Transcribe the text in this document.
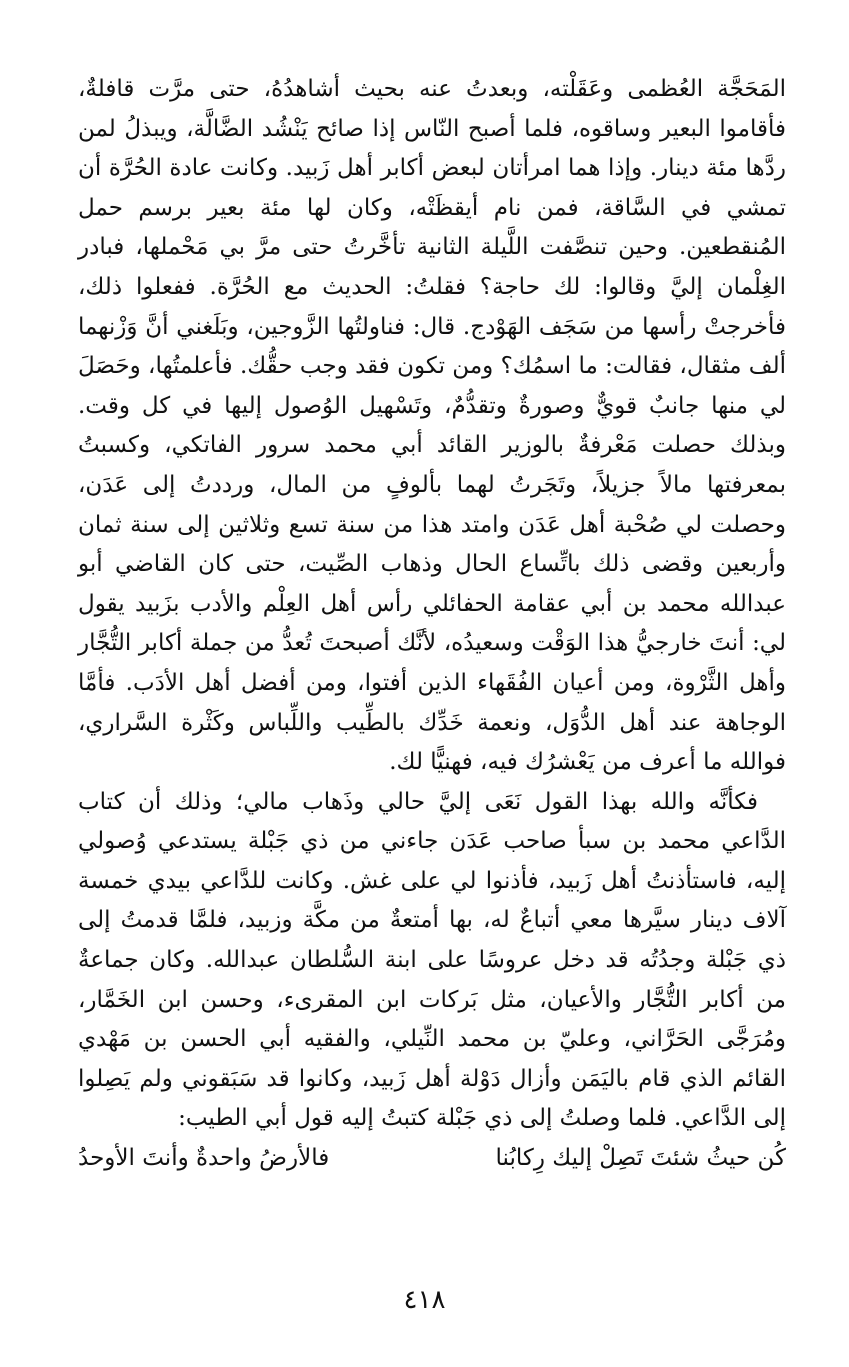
المَحَجَّة العُظمى وعَقَلْته، وبعدتُ عنه بحيث أشاهدُهُ، حتى مرَّت قافلةٌ، فأقاموا البعير وساقوه، فلما أصبح النّاس إذا صائح يَنْشُد الضَّالَّة، ويبذلُ لمن ردَّها مئة دينار. وإذا هما امرأتان لبعض أكابر أهل زَبيد. وكانت عادة الحُرَّة أن تمشي في السَّاقة، فمن نام أيقظَتْه، وكان لها مئة بعير برسم حمل المُنقطعين. وحين تنصَّفت اللَّيلة الثانية تأخَّرتُ حتى مرَّ بي مَحْملها، فبادر الغِلْمان إليَّ وقالوا: لك حاجة؟ فقلتُ: الحديث مع الحُرَّة. ففعلوا ذلك، فأخرجتْ رأسها من سَجَف الهَوْدج. قال: فناولتُها الزَّوجين، وبَلَغني أنَّ وَزْنهما ألف مثقال، فقالت: ما اسمُك؟ ومن تكون فقد وجب حقُّك. فأعلمتُها، وحَصَلَ لي منها جانبٌ قويٌّ وصورةٌ وتقدُّمٌ، وتَسْهيل الوُصول إليها في كل وقت. وبذلك حصلت مَعْرفةٌ بالوزير القائد أبي محمد سرور الفاتكي، وكسبتُ بمعرفتها مالاً جزيلاً، وتَجَرتُ لهما بألوفٍ من المال، ورددتُ إلى عَدَن، وحصلت لي صُحْبة أهل عَدَن وامتد هذا من سنة تسع وثلاثين إلى سنة ثمان وأربعين وقضى ذلك باتِّساع الحال وذهاب الصِّيت، حتى كان القاضي أبو عبدالله محمد بن أبي عقامة الحفائلي رأس أهل العِلْم والأدب بزَبيد يقول لي: أنتَ خارجيُّ هذا الوَقْت وسعيدُه، لأنَّك أصبحتَ تُعدُّ من جملة أكابر التُّجَّار وأهل الثَّرْوة، ومن أعيان الفُقَهاء الذين أفتوا، ومن أفضل أهل الأدَب. فأمَّا الوجاهة عند أهل الدُّوَل، ونعمة خَدِّك بالطِّيب واللِّباس وكَثْرة السَّراري، فوالله ما أعرف من يَعْشرُك فيه، فهنيًّا لك.

فكأنَّه والله بهذا القول نَعَى إليَّ حالي وذَهاب مالي؛ وذلك أن كتاب الدَّاعي محمد بن سبأ صاحب عَدَن جاءني من ذي جَبْلة يستدعي وُصولي إليه، فاستأذنتُ أهل زَبيد، فأذنوا لي على غش. وكانت للدَّاعي بيدي خمسة آلاف دينار سيَّرها معي أتباعٌ له، بها أمتعةٌ من مكَّة وزبيد، فلمَّا قدمتُ إلى ذي جَبْلة وجدُتُه قد دخل عروسًا على ابنة السُّلطان عبدالله. وكان جماعةٌ من أكابر التُّجَّار والأعيان، مثل بَركات ابن المقرىء، وحسن ابن الخَمَّار، ومُرَجَّى الحَرَّاني، وعليّ بن محمد النِّيلي، والفقيه أبي الحسن بن مَهْدي القائم الذي قام باليَمَن وأزال دَوْلة أهل زَبيد، وكانوا قد سَبَقوني ولم يَصِلوا إلى الدَّاعي. فلما وصلتُ إلى ذي جَبْلة كتبتُ إليه قول أبي الطيب:

كُن حيثُ شئتَ تَصِلْ إليك رِكابُنا
فالأرضُ واحدةٌ وأنتَ الأوحدُ
٤١٨
